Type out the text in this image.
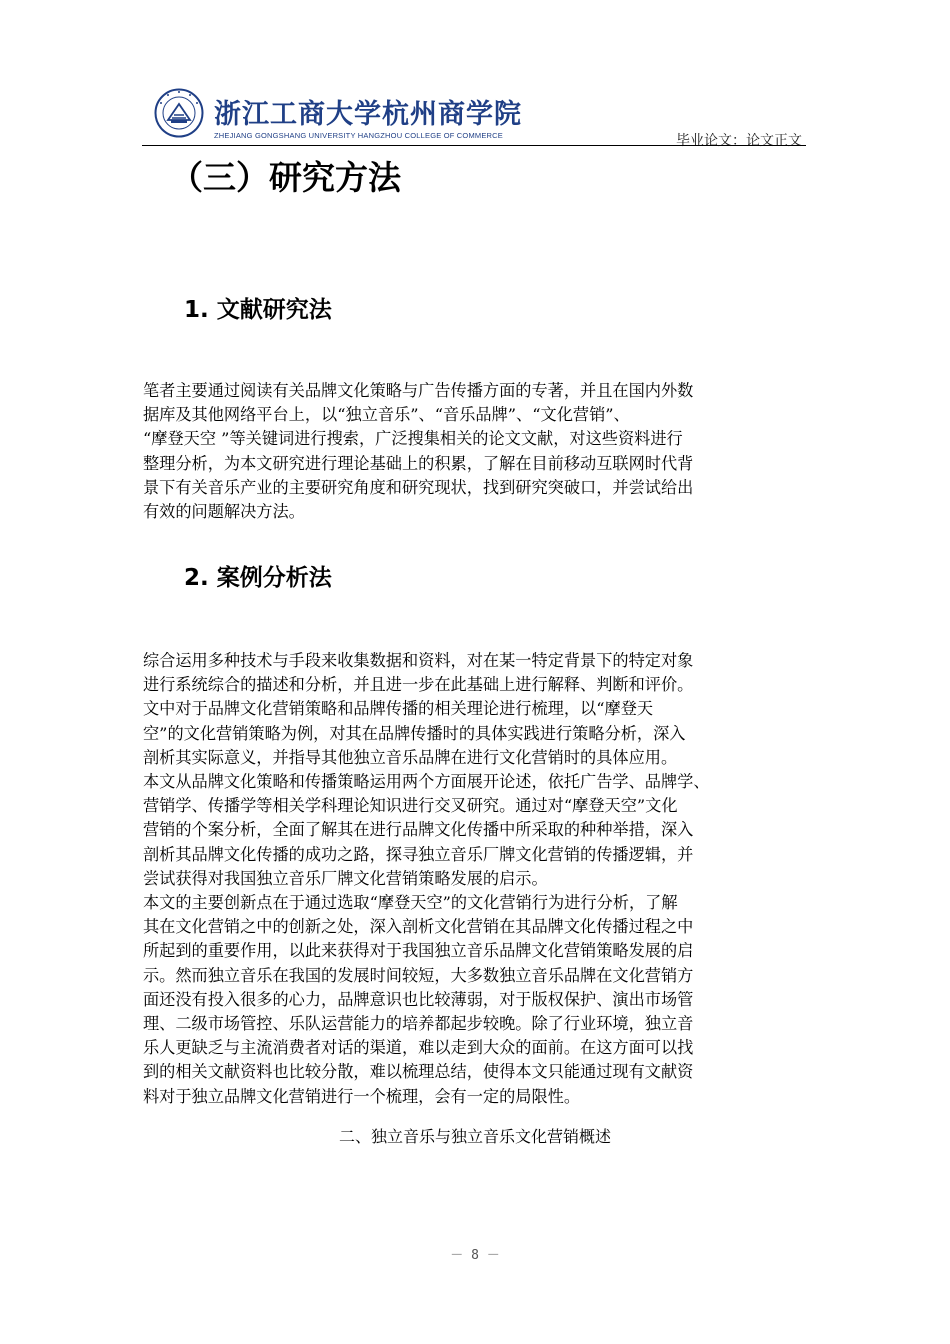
浙江工商大学杭州商学院
ZHEJIANG GONGSHANG UNIVERSITY HANGZHOU COLLEGE OF COMMERCE	毕业论文：论文正文
（三）研究方法
1. 文献研究法
笔者主要通过阅读有关品牌文化策略与广告传播方面的专著，并且在国内外数
据库及其他网络平台上，以“独立音乐”、“音乐品牌”、“文化营销”、
“摩登天空 ”等关键词进行搜索，广泛搜集相关的论文文献，对这些资料进行
整理分析，为本文研究进行理论基础上的积累，了解在目前移动互联网时代背
景下有关音乐产业的主要研究角度和研究现状，找到研究突破口，并尝试给出
有效的问题解决方法。
2. 案例分析法
综合运用多种技术与手段来收集数据和资料，对在某一特定背景下的特定对象
进行系统综合的描述和分析，并且进一步在此基础上进行解释、判断和评价。
文中对于品牌文化营销策略和品牌传播的相关理论进行梳理，以“摩登天
空”的文化营销策略为例，对其在品牌传播时的具体实践进行策略分析，深入
剖析其实际意义，并指导其他独立音乐品牌在进行文化营销时的具体应用。
本文从品牌文化策略和传播策略运用两个方面展开论述，依托广告学、品牌学、
营销学、传播学等相关学科理论知识进行交叉研究。通过对“摩登天空”文化
营销的个案分析，全面了解其在进行品牌文化传播中所采取的种种举措，深入
剖析其品牌文化传播的成功之路，探寻独立音乐厂牌文化营销的传播逻辑，并
尝试获得对我国独立音乐厂牌文化营销策略发展的启示。
本文的主要创新点在于通过选取“摩登天空”的文化营销行为进行分析，了解
其在文化营销之中的创新之处，深入剖析文化营销在其品牌文化传播过程之中
所起到的重要作用，以此来获得对于我国独立音乐品牌文化营销策略发展的启
示。然而独立音乐在我国的发展时间较短，大多数独立音乐品牌在文化营销方
面还没有投入很多的心力，品牌意识也比较薄弱，对于版权保护、演出市场管
理、二级市场管控、乐队运营能力的培养都起步较晚。除了行业环境，独立音
乐人更缺乏与主流消费者对话的渠道，难以走到大众的面前。在这方面可以找
到的相关文献资料也比较分散，难以梳理总结，使得本文只能通过现有文献资
料对于独立品牌文化营销进行一个梳理，会有一定的局限性。
二、独立音乐与独立音乐文化营销概述
－ 8 －
